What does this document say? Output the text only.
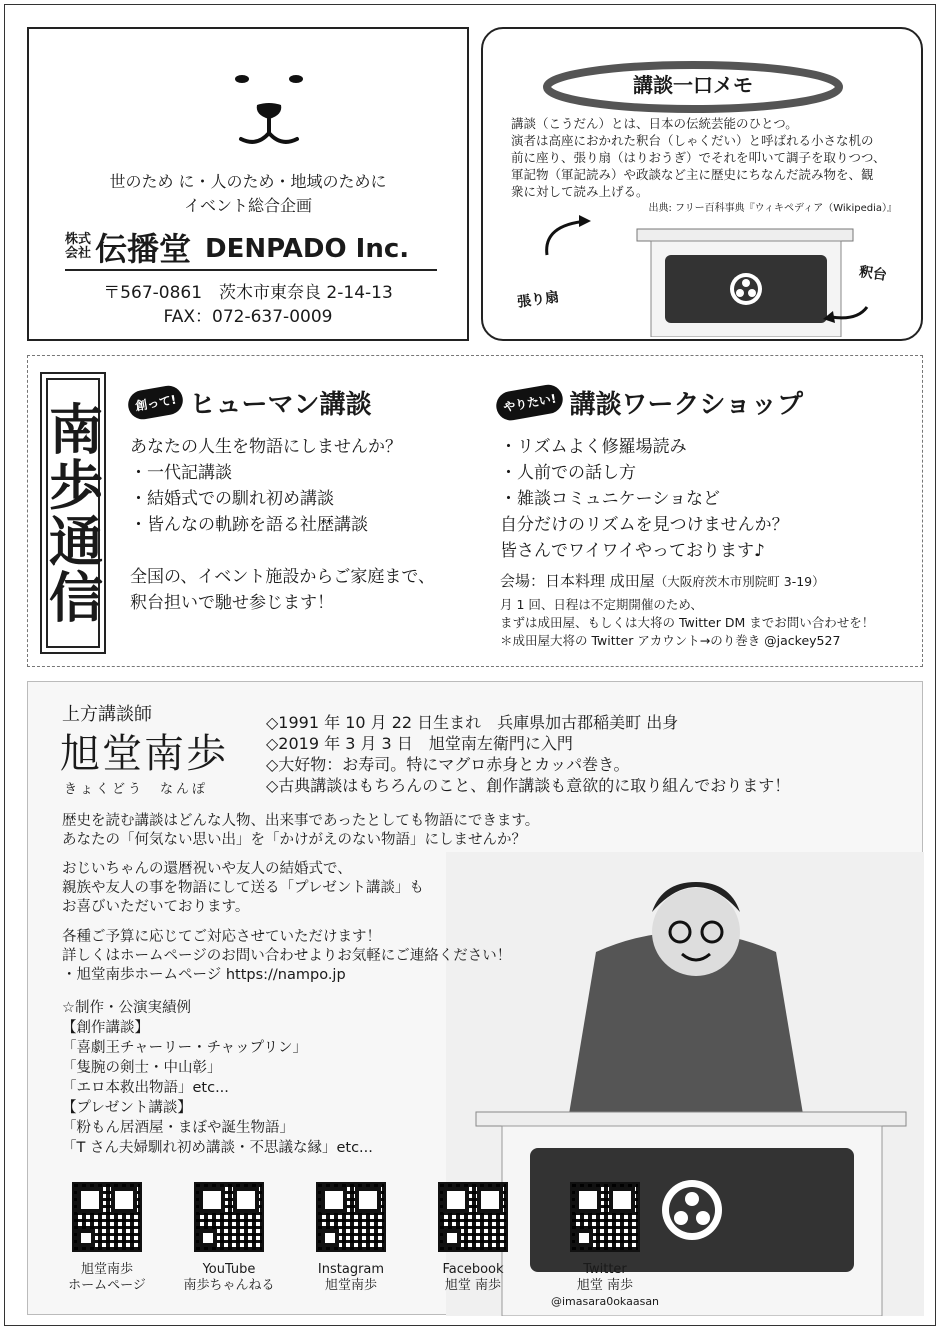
世のため に・人のため・地域のために
イベント総合企画
株式会社 伝播堂 DENPADO Inc.
〒567-0861　茨木市東奈良 2-14-13
FAX：072-637-0009
講談一口メモ
講談（こうだん）とは、日本の伝統芸能のひとつ。
演者は高座におかれた釈台（しゃくだい）と呼ばれる小さな机の
前に座り、張り扇（はりおうぎ）でそれを叩いて調子を取りつつ、
軍記物（軍記読み）や政談など主に歴史にちなんだ読み物を、観
衆に対して読み上げる。
出典: フリー百科事典『ウィキペディア（Wikipedia）』
張り扇
釈台
南歩通信	創って! ヒューマン講談
あなたの人生を物語にしませんか？
・一代記講談
・結婚式での馴れ初め講談
・皆んなの軌跡を語る社歴講談
全国の、イベント施設からご家庭まで、
釈台担いで馳せ参じます！
やりたい! 講談ワークショップ
・リズムよく修羅場読み
・人前での話し方
・雑談コミュニケーショなど
自分だけのリズムを見つけませんか？
皆さんでワイワイやっております♪
会場：日本料理 成田屋（大阪府茨木市別院町 3-19）
月 1 回、日程は不定期開催のため、
まずは成田屋、もしくは大将の Twitter DM までお問い合わせを！
＊成田屋大将の Twitter アカウント→のり巻き @jackey527
上方講談師
旭堂南歩
きょくどう　なんぽ
◇1991 年 10 月 22 日生まれ　兵庫県加古郡稲美町 出身
◇2019 年 3 月 3 日　旭堂南左衛門に入門
◇大好物：お寿司。特にマグロ赤身とカッパ巻き。
◇古典講談はもちろんのこと、創作講談も意欲的に取り組んでおります！
歴史を読む講談はどんな人物、出来事であったとしても物語にできます。
あなたの「何気ない思い出」を「かけがえのない物語」にしませんか？
おじいちゃんの還暦祝いや友人の結婚式で、
親族や友人の事を物語にして送る「プレゼント講談」も
お喜びいただいております。
各種ご予算に応じてご対応させていただけます！
詳しくはホームページのお問い合わせよりお気軽にご連絡ください！
・旭堂南歩ホームページ https://nampo.jp
☆制作・公演実績例
【創作講談】
「喜劇王チャーリー・チャップリン」
「隻腕の剣士・中山彰」
「エロ本救出物語」etc...
【プレゼント講談】
「粉もん居酒屋・まぼや誕生物語」
「T さん夫婦馴れ初め講談・不思議な縁」etc...
旭堂南歩
ホームページ
YouTube
南歩ちゃんねる
Instagram
旭堂南歩
Facebook
旭堂 南歩
Twitter
旭堂 南歩
@imasara0okaasan
